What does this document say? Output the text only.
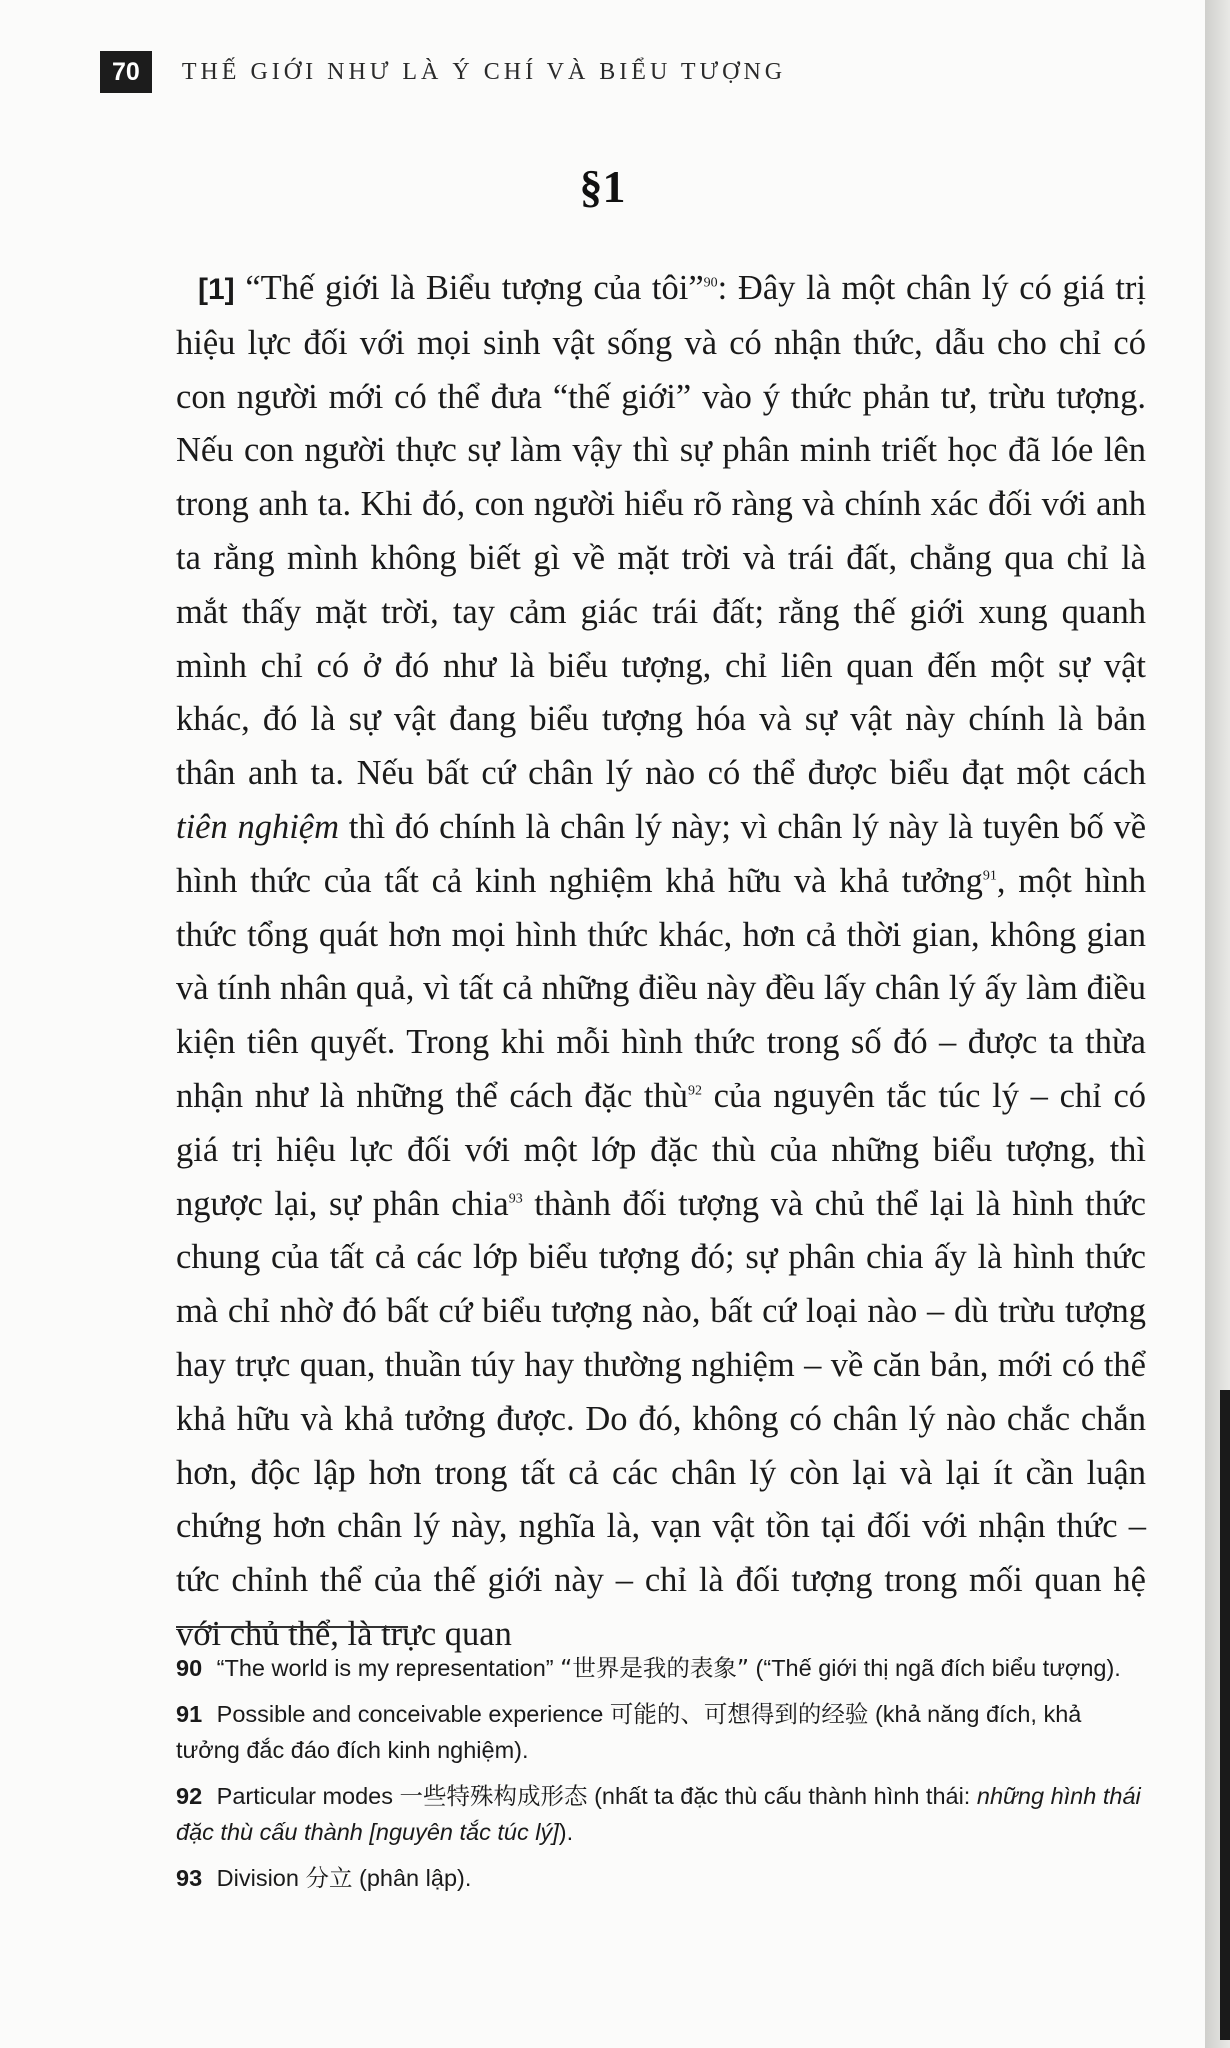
70	THẾ GIỚI NHƯ LÀ Ý CHÍ VÀ BIỂU TƯỢNG
§1

[1] “Thế giới là Biểu tượng của tôi”$^{90}$: Đây là một chân lý có giá trị hiệu lực đối với mọi sinh vật sống và có nhận thức, dẫu cho chỉ có con người mới có thể đưa “thế giới” vào ý thức phản tư, trừu tượng. Nếu con người thực sự làm vậy thì sự phân minh triết học đã lóe lên trong anh ta. Khi đó, con người hiểu rõ ràng và chính xác đối với anh ta rằng mình không biết gì về mặt trời và trái đất, chẳng qua chỉ là mắt thấy mặt trời, tay cảm giác trái đất; rằng thế giới xung quanh mình chỉ có ở đó như là biểu tượng, chỉ liên quan đến một sự vật khác, đó là sự vật đang biểu tượng hóa và sự vật này chính là bản thân anh ta. Nếu bất cứ chân lý nào có thể được biểu đạt một cách tiên nghiệm thì đó chính là chân lý này; vì chân lý này là tuyên bố về hình thức của tất cả kinh nghiệm khả hữu và khả tưởng$^{91}$, một hình thức tổng quát hơn mọi hình thức khác, hơn cả thời gian, không gian và tính nhân quả, vì tất cả những điều này đều lấy chân lý ấy làm điều kiện tiên quyết. Trong khi mỗi hình thức trong số đó – được ta thừa nhận như là những thể cách đặc thù$^{92}$ của nguyên tắc túc lý – chỉ có giá trị hiệu lực đối với một lớp đặc thù của những biểu tượng, thì ngược lại, sự phân chia$^{93}$ thành đối tượng và chủ thể lại là hình thức chung của tất cả các lớp biểu tượng đó; sự phân chia ấy là hình thức mà chỉ nhờ đó bất cứ biểu tượng nào, bất cứ loại nào – dù trừu tượng hay trực quan, thuần túy hay thường nghiệm – về căn bản, mới có thể khả hữu và khả tưởng được. Do đó, không có chân lý nào chắc chắn hơn, độc lập hơn trong tất cả các chân lý còn lại và lại ít cần luận chứng hơn chân lý này, nghĩa là, vạn vật tồn tại đối với nhận thức – tức chỉnh thể của thế giới này – chỉ là đối tượng trong mối quan hệ với chủ thể, là trực quan

90 “The world is my representation” “世界是我的表象” (“Thế giới thị ngã đích biểu tượng).
91 Possible and conceivable experience 可能的、可想得到的经验 (khả năng đích, khả tưởng đắc đáo đích kinh nghiệm).
92 Particular modes 一些特殊构成形态 (nhất ta đặc thù cấu thành hình thái: những hình thái đặc thù cấu thành [nguyên tắc túc lý]).
93 Division 分立 (phân lập).
